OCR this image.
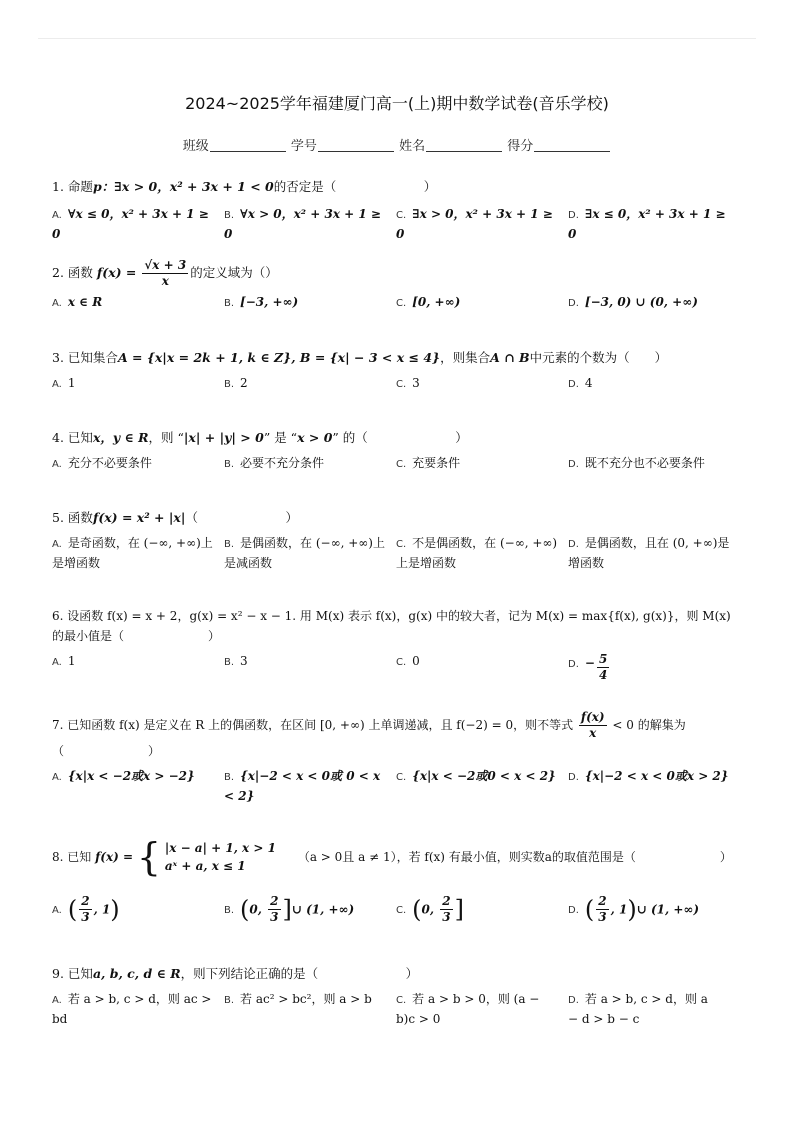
2024~2025学年福建厦门高一(上)期中数学试卷(音乐学校)
班级	学号	姓名	得分
1. 命题p：∃x > 0，x² + 3x + 1 < 0的否定是（　　　　　　　）
A. ∀x ≤ 0，x² + 3x + 1 ≥ 0
B. ∀x > 0，x² + 3x + 1 ≥ 0
C. ∃x > 0，x² + 3x + 1 ≥ 0
D. ∃x ≤ 0，x² + 3x + 1 ≥ 0
2. 函数 $f(x) = \frac{√x + 3}{x}$ 的定义域为（）
A. x ∈ R	B. [−3, +∞)	C. [0, +∞)	D. [−3, 0) ∪ (0, +∞)
3. 已知集合A = {x|x = 2k + 1, k ∈ Z}, B = {x| − 3 < x ≤ 4}，则集合A ∩ B中元素的个数为（　　）
A. 1	B. 2	C. 3	D. 4
4. 已知x，y ∈ R，则 “|x| + |y| > 0” 是 “x > 0” 的（　　　　　　　）
A. 充分不必要条件	B. 必要不充分条件	C. 充要条件	D. 既不充分也不必要条件
5. 函数f(x) = x² + |x|（　　　　　　　）
A. 是奇函数，在 (−∞, +∞)上是增函数
B. 是偶函数，在 (−∞, +∞)上是减函数
C. 不是偶函数，在 (−∞, +∞)上是增函数
D. 是偶函数，且在 (0, +∞)是增函数
6. 设函数 f(x) = x + 2，g(x) = x² − x − 1. 用 M(x) 表示 f(x)，g(x) 中的较大者，记为 M(x) = max{f(x), g(x)}，则 M(x)
的最小值是（　　　　　　　）
A. 1	B. 3	C. 0	D. − $\frac{5}{4}$
7. 已知函数 f(x) 是定义在 R 上的偶函数，在区间 [0, +∞) 上单调递减，且 f(−2) = 0，则不等式 $\frac{f(x)}{x} < 0$ 的解集为
（　　　　　　　）
A. {x|x < −2或x > −2}	B. {x|−2 < x < 0或 0 < x < 2}
C. {x|x < −2或0 < x < 2}	D. {x|−2 < x < 0或x > 2}
8. 已知 f(x) = { |x − a| + 1, x > 1
aˣ + a, x ≤ 1
（a > 0且 a ≠ 1），若 f(x) 有最小值，则实数a的取值范围是（　　　　　　　）
A. ( $\frac{2}{3}$ , 1)	B. (0, $\frac{2}{3}$ ]∪ (1, +∞)	C. (0, $\frac{2}{3}$ ]	D. ( $\frac{2}{3}$ , 1)∪ (1, +∞)
9. 已知a, b, c, d ∈ R，则下列结论正确的是（　　　　　　　）
A. 若 a > b, c > d，则 ac > bd
B. 若 ac² > bc²，则 a > b	C. 若 a > b > 0，则 (a − b)c > 0
D. 若 a > b, c > d，则 a − d > b − c
